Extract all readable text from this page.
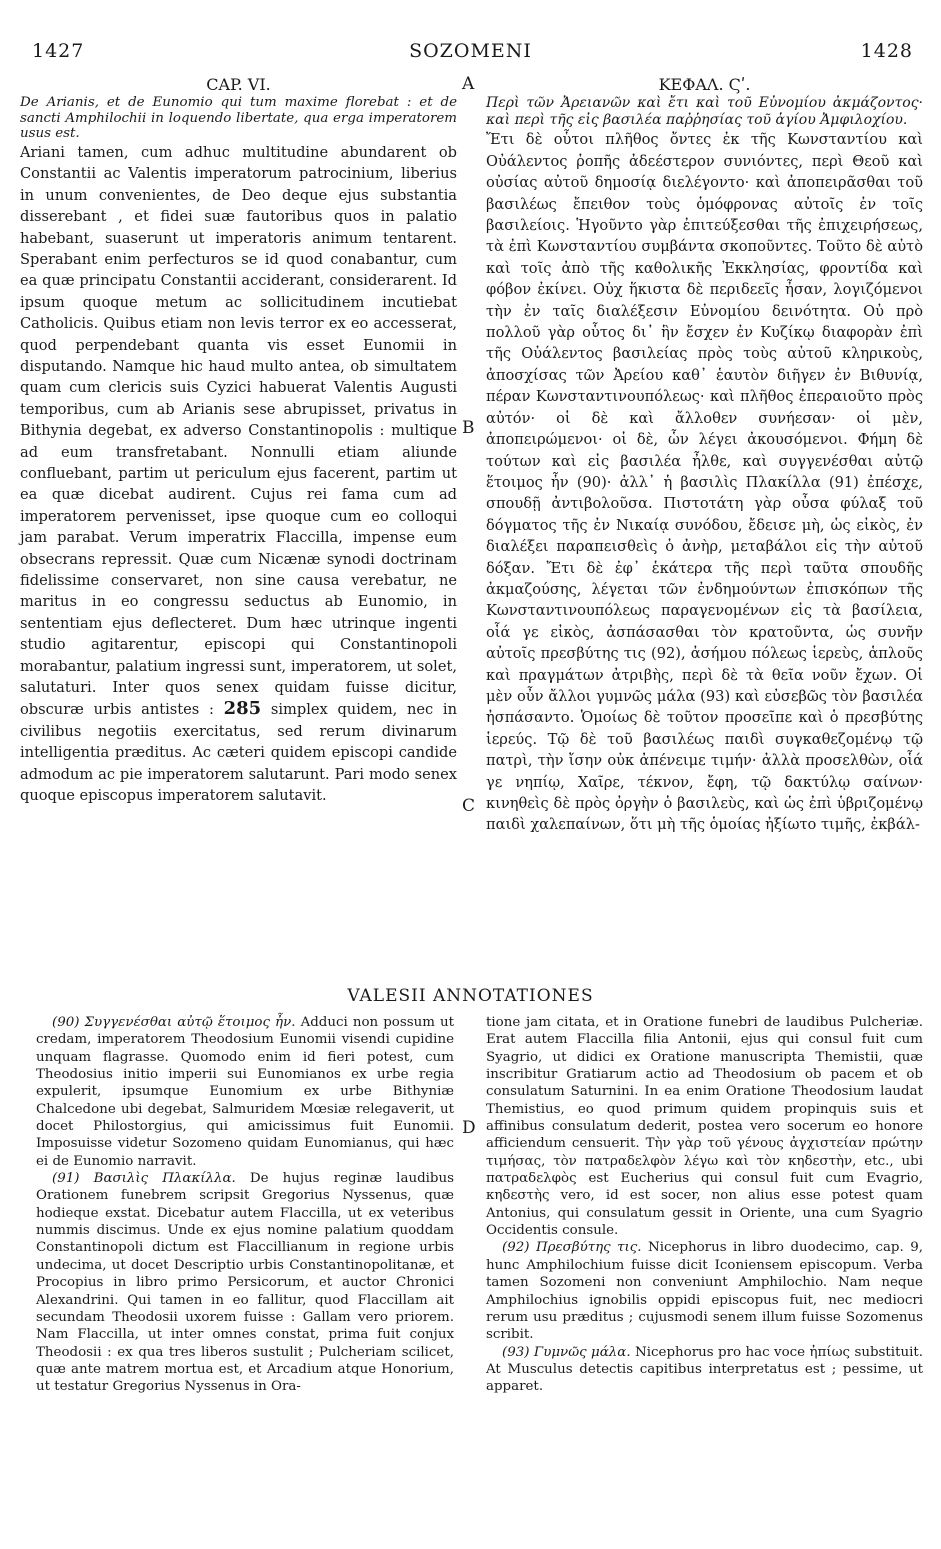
1427	SOZOMENI	1428

CAP. VI.

De Arianis, et de Eunomio qui tum maxime florebat : et de sancti Amphilochii in loquendo libertate, qua erga imperatorem usus est.

Ariani tamen, cum adhuc multitudine abundarent ob Constantii ac Valentis imperatorum patrocinium, liberius in unum convenientes, de Deo deque ejus substantia disserebant , et fidei suæ fautoribus quos in palatio habebant, suaserunt ut imperatoris animum tentarent. Sperabant enim perfecturos se id quod conabantur, cum ea quæ principatu Constantii acciderant, considerarent. Id ipsum quoque metum ac sollicitudinem incutiebat Catholicis. Quibus etiam non levis terror ex eo accesserat, quod perpendebant quanta vis esset Eunomii in disputando. Namque hic haud multo antea, ob simultatem quam cum clericis suis Cyzici habuerat Valentis Augusti temporibus, cum ab Arianis sese abrupisset, privatus in Bithynia degebat, ex adverso Constantinopolis : multique ad eum transfretabant. Nonnulli etiam aliunde confluebant, partim ut periculum ejus facerent, partim ut ea quæ dicebat audirent. Cujus rei fama cum ad imperatorem pervenisset, ipse quoque cum eo colloqui jam parabat. Verum imperatrix Flaccilla, impense eum obsecrans repressit. Quæ cum Nicænæ synodi doctrinam fidelissime conservaret, non sine causa verebatur, ne maritus in eo congressu seductus ab Eunomio, in sententiam ejus deflecteret. Dum hæc utrinque ingenti studio agitarentur, episcopi qui Constantinopoli morabantur, palatium ingressi sunt, imperatorem, ut solet, salutaturi. Inter quos senex quidam fuisse dicitur, obscuræ urbis antistes : 285 simplex quidem, nec in civilibus negotiis exercitatus, sed rerum divinarum intelligentia præditus. Ac cæteri quidem episcopi candide admodum ac pie imperatorem salutarunt. Pari modo senex quoque episcopus imperatorem salutavit.

A
B
C
D

ΚΕΦΑΛ. Ϛʹ.

Περὶ τῶν Ἀρειανῶν καὶ ἔτι καὶ τοῦ Εὐνομίου ἀκμάζοντος· καὶ περὶ τῆς εἰς βασιλέα παῤῥησίας τοῦ ἁγίου Ἀμφιλοχίου.

Ἔτι δὲ οὗτοι πλῆθος ὄντες ἐκ τῆς Κωνσταντίου καὶ Οὐάλεντος ῥοπῆς ἀδεέστερον συνιόντες, περὶ Θεοῦ καὶ οὐσίας αὐτοῦ δημοσίᾳ διελέγοντο· καὶ ἀποπειρᾶσθαι τοῦ βασιλέως ἔπειθον τοὺς ὁμόφρονας αὐτοῖς ἐν τοῖς βασιλείοις. Ἡγοῦντο γὰρ ἐπιτεύξεσθαι τῆς ἐπιχειρήσεως, τὰ ἐπὶ Κωνσταντίου συμβάντα σκοποῦντες. Τοῦτο δὲ αὐτὸ καὶ τοῖς ἀπὸ τῆς καθολικῆς Ἐκκλησίας, φροντίδα καὶ φόβον ἐκίνει. Οὐχ ἥκιστα δὲ περιδεεῖς ἦσαν, λογιζόμενοι τὴν ἐν ταῖς διαλέξεσιν Εὐνομίου δεινότητα. Οὐ πρὸ πολλοῦ γὰρ οὗτος δι᾽ ἣν ἔσχεν ἐν Κυζίκῳ διαφορὰν ἐπὶ τῆς Οὐάλεντος βασιλείας πρὸς τοὺς αὐτοῦ κληρικοὺς, ἀποσχίσας τῶν Ἀρείου καθ᾽ ἑαυτὸν διῆγεν ἐν Βιθυνίᾳ, πέραν Κωνσταντινουπόλεως· καὶ πλῆθος ἐπεραιοῦτο πρὸς αὐτόν· οἱ δὲ καὶ ἄλλοθεν συνήεσαν· οἱ μὲν, ἀποπειρώμενοι· οἱ δὲ, ὧν λέγει ἀκουσόμενοι. Φήμη δὲ τούτων καὶ εἰς βασιλέα ἦλθε, καὶ συγγενέσθαι αὐτῷ ἕτοιμος ἦν (90)· ἀλλ᾽ ἡ βασιλὶς Πλακίλλα (91) ἐπέσχε, σπουδῇ ἀντιβολοῦσα. Πιστοτάτη γὰρ οὖσα φύλαξ τοῦ δόγματος τῆς ἐν Νικαίᾳ συνόδου, ἔδεισε μὴ, ὡς εἰκὸς, ἐν διαλέξει παραπεισθεὶς ὁ ἀνὴρ, μεταβάλοι εἰς τὴν αὐτοῦ δόξαν. Ἔτι δὲ ἐφ᾽ ἑκάτερα τῆς περὶ ταῦτα σπουδῆς ἀκμαζούσης, λέγεται τῶν ἐνδημούντων ἐπισκόπων τῆς Κωνσταντινουπόλεως παραγενομένων εἰς τὰ βασίλεια, οἷά γε εἰκὸς, ἀσπάσασθαι τὸν κρατοῦντα, ὡς συνῆν αὐτοῖς πρεσβύτης τις (92), ἀσήμου πόλεως ἱερεὺς, ἁπλοῦς καὶ πραγμάτων ἀτριβὴς, περὶ δὲ τὰ θεῖα νοῦν ἔχων. Οἱ μὲν οὖν ἄλλοι γυμνῶς μάλα (93) καὶ εὐσεβῶς τὸν βασιλέα ἠσπάσαντο. Ὁμοίως δὲ τοῦτον προσεῖπε καὶ ὁ πρεσβύτης ἱερεύς. Τῷ δὲ τοῦ βασιλέως παιδὶ συγκαθεζομένῳ τῷ πατρὶ, τὴν ἴσην οὐκ ἀπένειμε τιμήν· ἀλλὰ προσελθὼν, οἷά γε νηπίῳ, Χαῖρε, τέκνον, ἔφη, τῷ δακτύλῳ σαίνων· κινηθεὶς δὲ πρὸς ὀργὴν ὁ βασιλεὺς, καὶ ὡς ἐπὶ ὑβριζομένῳ παιδὶ χαλεπαίνων, ὅτι μὴ τῆς ὁμοίας ἠξίωτο τιμῆς, ἐκβάλ-

VALESII ANNOTATIONES

(90) Συγγενέσθαι αὐτῷ ἕτοιμος ἦν. Adduci non possum ut credam, imperatorem Theodosium Eunomii visendi cupidine unquam flagrasse. Quomodo enim id fieri potest, cum Theodosius initio imperii sui Eunomianos ex urbe regia expulerit, ipsumque Eunomium ex urbe Bithyniæ Chalcedone ubi degebat, Salmuridem Mœsiæ relegaverit, ut docet Philostorgius, qui amicissimus fuit Eunomii. Imposuisse videtur Sozomeno quidam Eunomianus, qui hæc ei de Eunomio narravit.

(91) Βασιλὶς Πλακίλλα. De hujus reginæ laudibus Orationem funebrem scripsit Gregorius Nyssenus, quæ hodieque exstat. Dicebatur autem Flaccilla, ut ex veteribus nummis discimus. Unde ex ejus nomine palatium quoddam Constantinopoli dictum est Flaccillianum in regione urbis undecima, ut docet Descriptio urbis Constantinopolitanæ, et Procopius in libro primo Persicorum, et auctor Chronici Alexandrini. Qui tamen in eo fallitur, quod Flaccillam ait secundam Theodosii uxorem fuisse : Gallam vero priorem. Nam Flaccilla, ut inter omnes constat, prima fuit conjux Theodosii : ex qua tres liberos sustulit ; Pulcheriam scilicet, quæ ante matrem mortua est, et Arcadium atque Honorium, ut testatur Gregorius Nyssenus in Ora-

tione jam citata, et in Oratione funebri de laudibus Pulcheriæ. Erat autem Flaccilla filia Antonii, ejus qui consul fuit cum Syagrio, ut didici ex Oratione manuscripta Themistii, quæ inscribitur Gratiarum actio ad Theodosium ob pacem et ob consulatum Saturnini. In ea enim Oratione Theodosium laudat Themistius, eo quod primum quidem propinquis suis et affinibus consulatum dederit, postea vero socerum eo honore afficiendum censuerit. Τὴν γὰρ τοῦ γένους ἀγχιστείαν πρώτην τιμήσας, τὸν πατραδελφὸν λέγω καὶ τὸν κηδεστὴν, etc., ubi πατραδελφὸς est Eucherius qui consul fuit cum Evagrio, κηδεστὴς vero, id est socer, non alius esse potest quam Antonius, qui consulatum gessit in Oriente, una cum Syagrio Occidentis consule.

(92) Πρεσβύτης τις. Nicephorus in libro duodecimo, cap. 9, hunc Amphilochium fuisse dicit Iconiensem episcopum. Verba tamen Sozomeni non conveniunt Amphilochio. Nam neque Amphilochius ignobilis oppidi episcopus fuit, nec mediocri rerum usu præditus ; cujusmodi senem illum fuisse Sozomenus scribit.

(93) Γυμνῶς μάλα. Nicephorus pro hac voce ἠπίως substituit. At Musculus detectis capitibus interpretatus est ; pessime, ut apparet.
